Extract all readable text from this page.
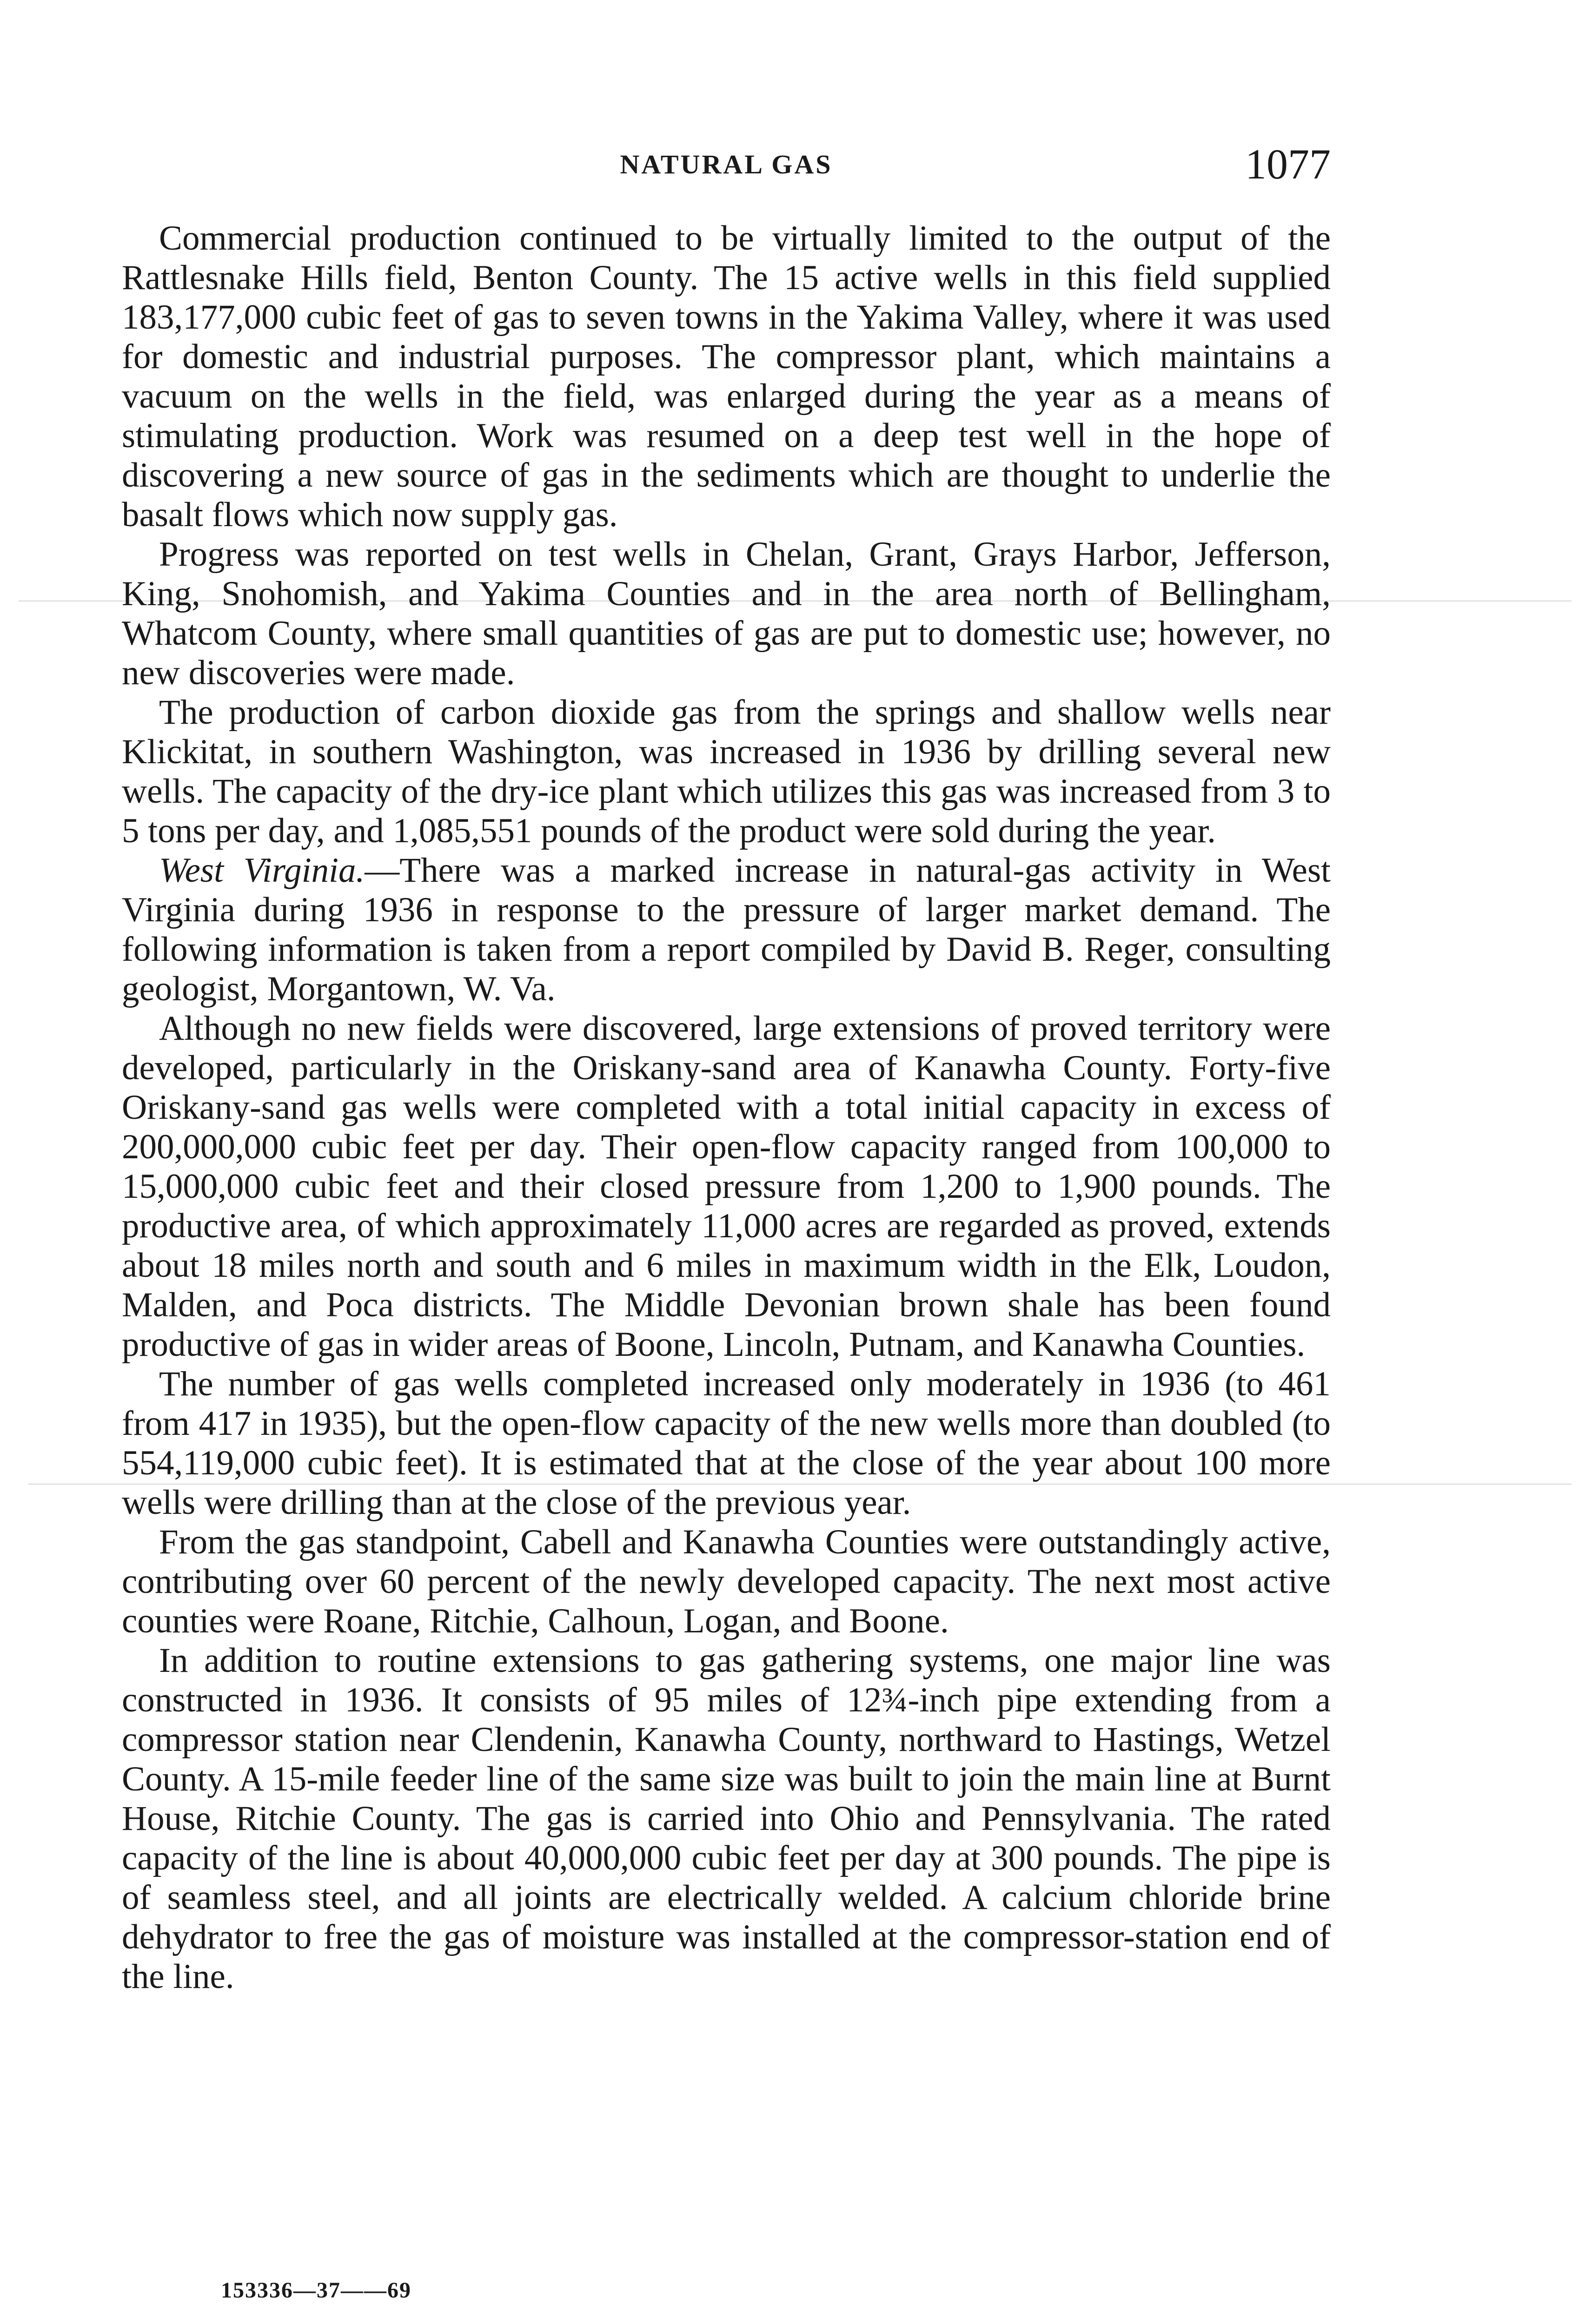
NATURAL GAS	1077

Commercial production continued to be virtually limited to the output of the Rattlesnake Hills field, Benton County. The 15 active wells in this field supplied 183,177,000 cubic feet of gas to seven towns in the Yakima Valley, where it was used for domestic and industrial purposes. The compressor plant, which maintains a vacuum on the wells in the field, was enlarged during the year as a means of stimulating production. Work was resumed on a deep test well in the hope of discovering a new source of gas in the sediments which are thought to underlie the basalt flows which now supply gas.

Progress was reported on test wells in Chelan, Grant, Grays Harbor, Jefferson, King, Snohomish, and Yakima Counties and in the area north of Bellingham, Whatcom County, where small quantities of gas are put to domestic use; however, no new discoveries were made.

The production of carbon dioxide gas from the springs and shallow wells near Klickitat, in southern Washington, was increased in 1936 by drilling several new wells. The capacity of the dry-ice plant which utilizes this gas was increased from 3 to 5 tons per day, and 1,085,551 pounds of the product were sold during the year.

West Virginia.—There was a marked increase in natural-gas activity in West Virginia during 1936 in response to the pressure of larger market demand. The following information is taken from a report compiled by David B. Reger, consulting geologist, Morgantown, W. Va.

Although no new fields were discovered, large extensions of proved territory were developed, particularly in the Oriskany-sand area of Kanawha County. Forty-five Oriskany-sand gas wells were completed with a total initial capacity in excess of 200,000,000 cubic feet per day. Their open-flow capacity ranged from 100,000 to 15,000,000 cubic feet and their closed pressure from 1,200 to 1,900 pounds. The productive area, of which approximately 11,000 acres are regarded as proved, extends about 18 miles north and south and 6 miles in maximum width in the Elk, Loudon, Malden, and Poca districts. The Middle Devonian brown shale has been found productive of gas in wider areas of Boone, Lincoln, Putnam, and Kanawha Counties.

The number of gas wells completed increased only moderately in 1936 (to 461 from 417 in 1935), but the open-flow capacity of the new wells more than doubled (to 554,119,000 cubic feet). It is estimated that at the close of the year about 100 more wells were drilling than at the close of the previous year.

From the gas standpoint, Cabell and Kanawha Counties were outstandingly active, contributing over 60 percent of the newly developed capacity. The next most active counties were Roane, Ritchie, Calhoun, Logan, and Boone.

In addition to routine extensions to gas gathering systems, one major line was constructed in 1936. It consists of 95 miles of 12¾-inch pipe extending from a compressor station near Clendenin, Kanawha County, northward to Hastings, Wetzel County. A 15-mile feeder line of the same size was built to join the main line at Burnt House, Ritchie County. The gas is carried into Ohio and Pennsylvania. The rated capacity of the line is about 40,000,000 cubic feet per day at 300 pounds. The pipe is of seamless steel, and all joints are electrically welded. A calcium chloride brine dehydrator to free the gas of moisture was installed at the compressor-station end of the line.

153336—37——69
